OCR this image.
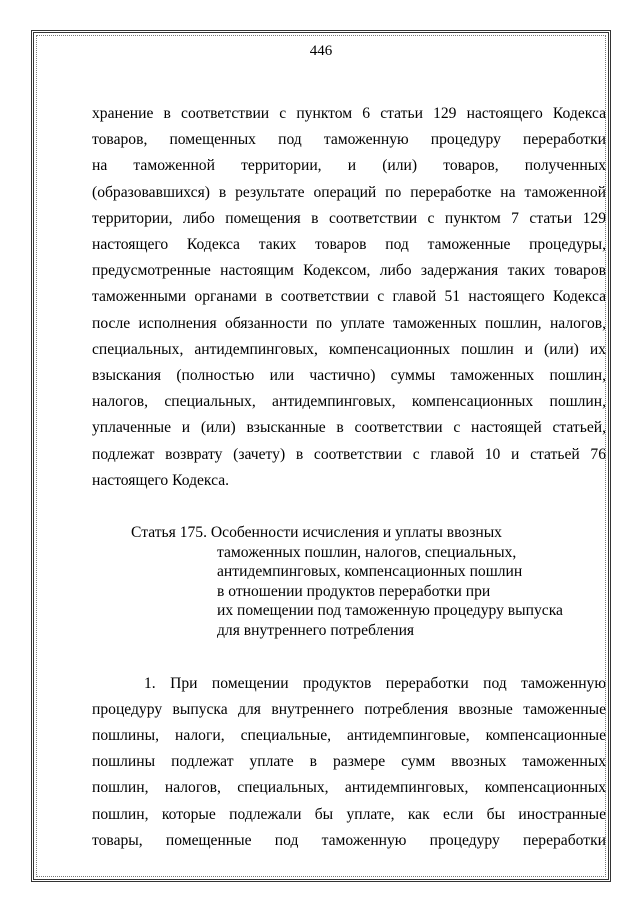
446
хранение в соответствии с пунктом 6 статьи 129 настоящего Кодекса
товаров, помещенных под таможенную процедуру переработки
на таможенной территории, и (или) товаров, полученных
(образовавшихся) в результате операций по переработке на таможенной
территории, либо помещения в соответствии с пунктом 7 статьи 129
настоящего Кодекса таких товаров под таможенные процедуры,
предусмотренные настоящим Кодексом, либо задержания таких товаров
таможенными органами в соответствии с главой 51 настоящего Кодекса
после исполнения обязанности по уплате таможенных пошлин, налогов,
специальных, антидемпинговых, компенсационных пошлин и (или) их
взыскания (полностью или частично) суммы таможенных пошлин,
налогов, специальных, антидемпинговых, компенсационных пошлин,
уплаченные и (или) взысканные в соответствии с настоящей статьей,
подлежат возврату (зачету) в соответствии с главой 10 и статьей 76
настоящего Кодекса.
Статья 175. Особенности исчисления и уплаты ввозных
таможенных пошлин, налогов, специальных,
антидемпинговых, компенсационных пошлин
в отношении продуктов переработки при
их помещении под таможенную процедуру выпуска
для внутреннего потребления
1. При помещении продуктов переработки под таможенную
процедуру выпуска для внутреннего потребления ввозные таможенные
пошлины, налоги, специальные, антидемпинговые, компенсационные
пошлины подлежат уплате в размере сумм ввозных таможенных
пошлин, налогов, специальных, антидемпинговых, компенсационных
пошлин, которые подлежали бы уплате, как если бы иностранные
товары, помещенные под таможенную процедуру переработки
